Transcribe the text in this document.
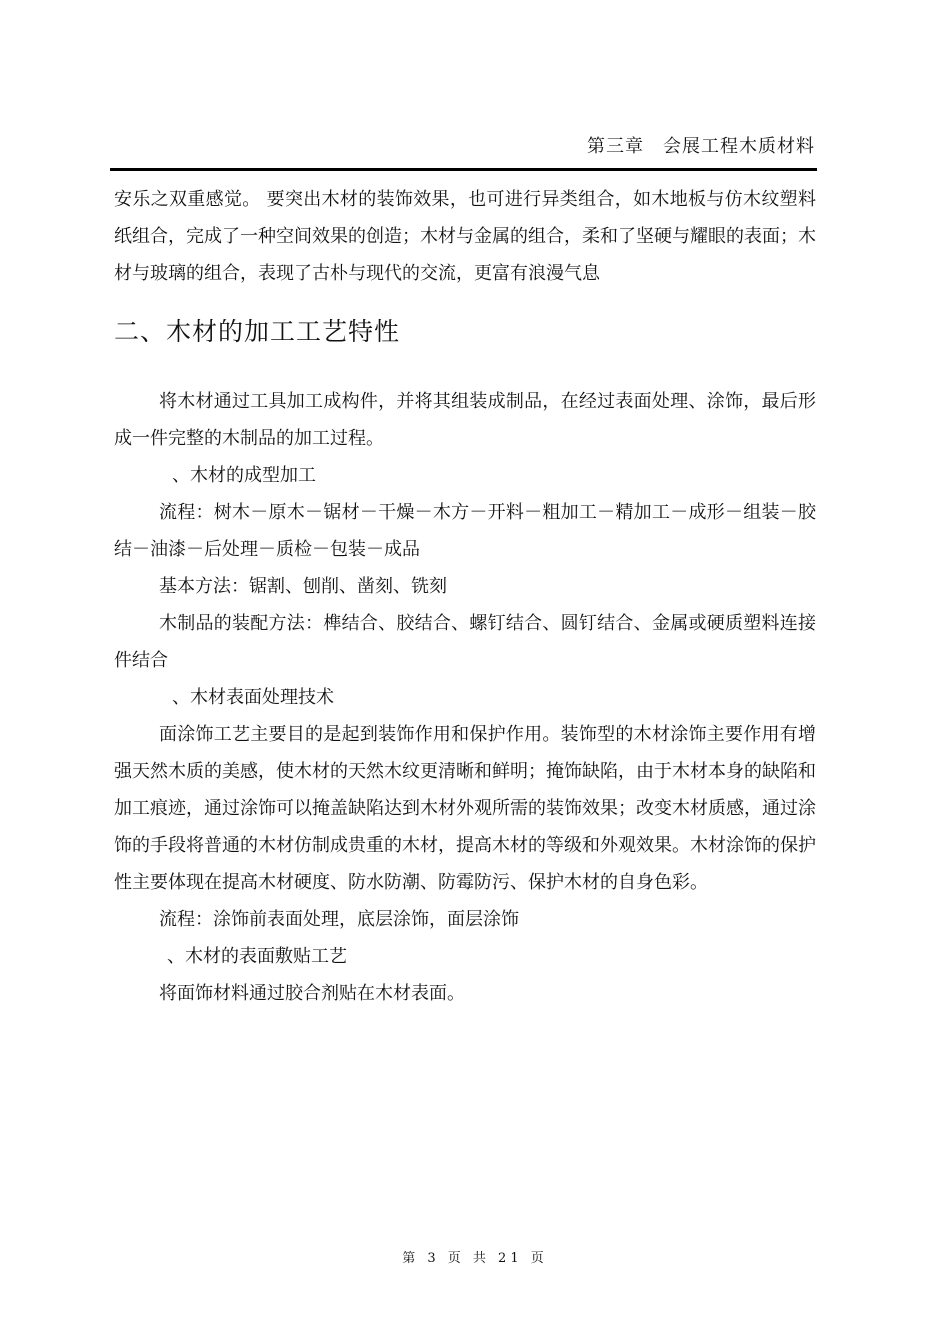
第三章　会展工程木质材料

安乐之双重感觉。 要突出木材的装饰效果，也可进行异类组合，如木地板与仿木纹塑料纸组合，完成了一种空间效果的创造；木材与金属的组合，柔和了坚硬与耀眼的表面；木材与玻璃的组合，表现了古朴与现代的交流，更富有浪漫气息

二、木材的加工工艺特性

将木材通过工具加工成构件，并将其组装成制品，在经过表面处理、涂饰，最后形成一件完整的木制品的加工过程。

、木材的成型加工

流程：树木－原木－锯材－干燥－木方－开料－粗加工－精加工－成形－组装－胶结－油漆－后处理－质检－包装－成品

基本方法：锯割、刨削、凿刻、铣刻

木制品的装配方法：榫结合、胶结合、螺钉结合、圆钉结合、金属或硬质塑料连接件结合

、木材表面处理技术

面涂饰工艺主要目的是起到装饰作用和保护作用。装饰型的木材涂饰主要作用有增强天然木质的美感，使木材的天然木纹更清晰和鲜明；掩饰缺陷，由于木材本身的缺陷和加工痕迹，通过涂饰可以掩盖缺陷达到木材外观所需的装饰效果；改变木材质感，通过涂饰的手段将普通的木材仿制成贵重的木材，提高木材的等级和外观效果。木材涂饰的保护性主要体现在提高木材硬度、防水防潮、防霉防污、保护木材的自身色彩。

流程：涂饰前表面处理，底层涂饰，面层涂饰

、木材的表面敷贴工艺

将面饰材料通过胶合剂贴在木材表面。

第 3 页 共 21 页
